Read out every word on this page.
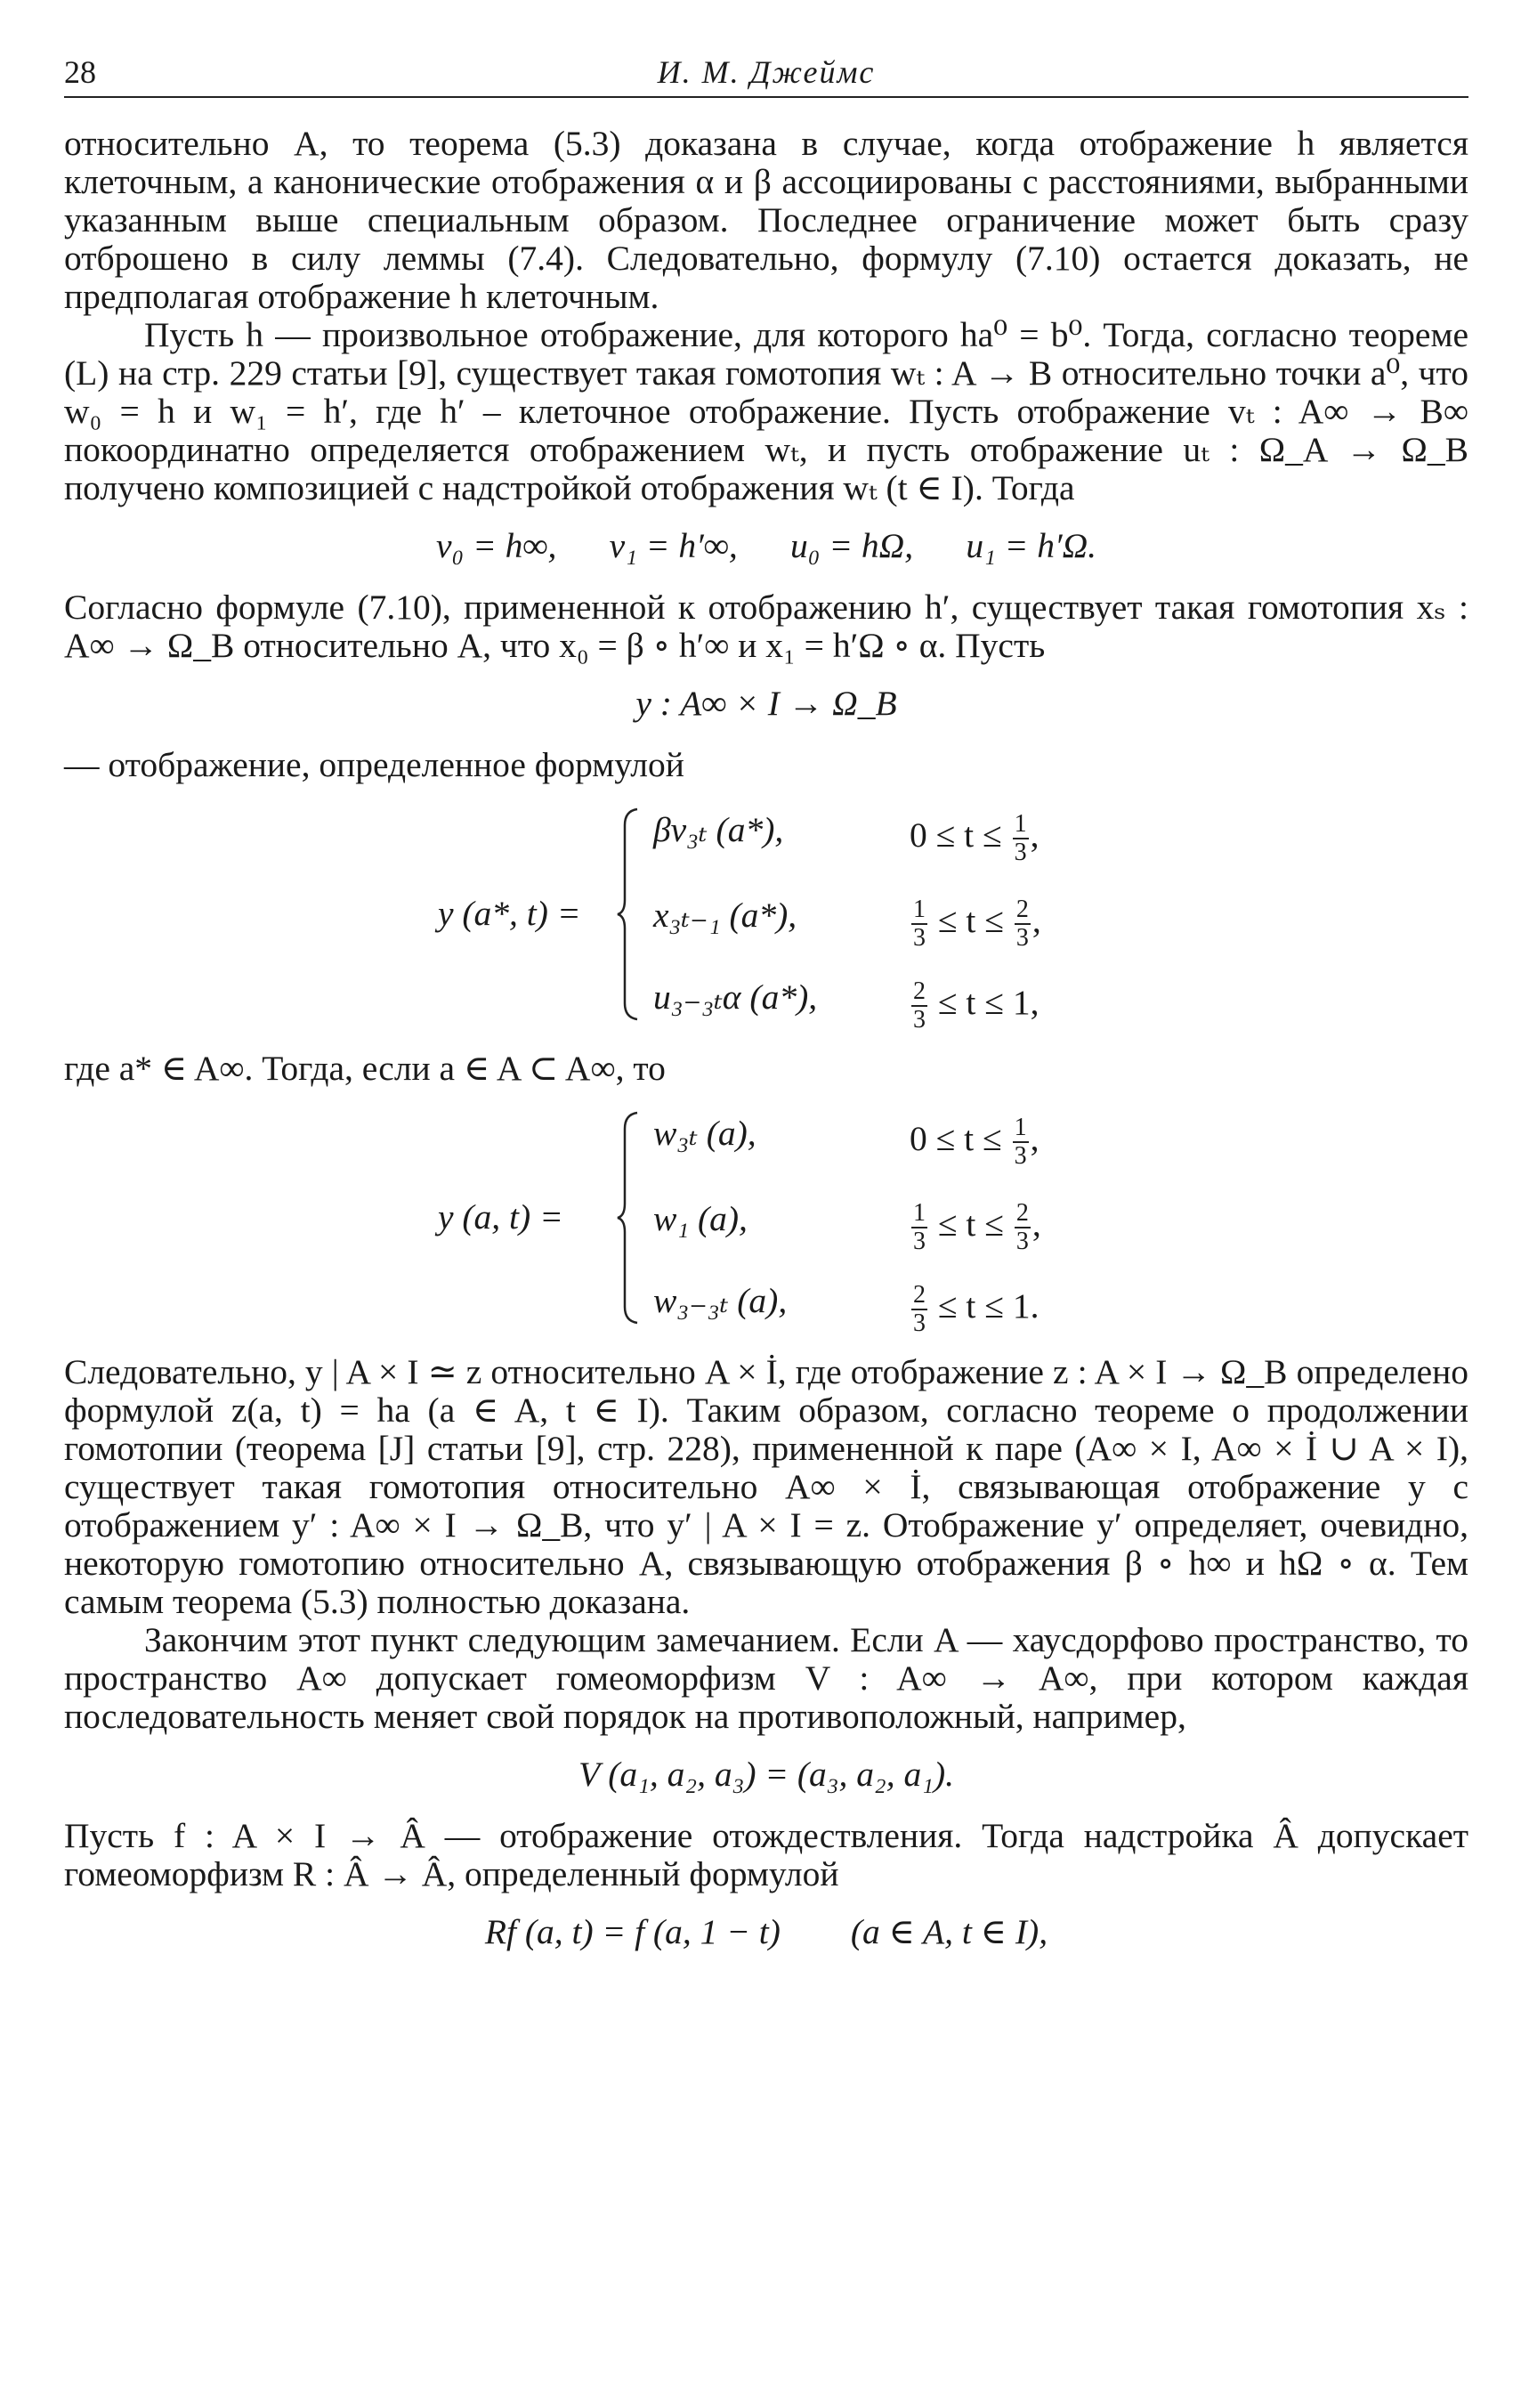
28	И. М. Джеймс

относительно A, то теорема (5.3) доказана в случае, когда отображение h является клеточным, а канонические отображения α и β ассоциированы с расстояниями, выбранными указанным выше специальным образом. Последнее ограничение может быть сразу отброшено в силу леммы (7.4). Следовательно, формулу (7.10) остается доказать, не предполагая отображение h клеточным.

Пусть h — произвольное отображение, для которого ha⁰ = b⁰. Тогда, согласно теореме (L) на стр. 229 статьи [9], существует такая гомотопия wₜ : A → B относительно точки a⁰, что w₀ = h и w₁ = h′, где h′ – клеточное отображение. Пусть отображение vₜ : A∞ → B∞ покоординатно определяется отображением wₜ, и пусть отображение uₜ : Ω_A → Ω_B получено композицией с надстройкой отображения wₜ (t ∈ I). Тогда

v₀ = h∞,      v₁ = h′∞,      u₀ = hΩ,      u₁ = h′Ω.

Согласно формуле (7.10), примененной к отображению h′, существует такая гомотопия xₛ : A∞ → Ω_B относительно A, что x₀ = β ∘ h′∞ и x₁ = h′Ω ∘ α. Пусть

y : A∞ × I → Ω_B

— отображение, определенное формулой

y (a*, t) =
βv₃ₜ (a*),
x₃ₜ₋₁ (a*),
u₃₋₃ₜα (a*),
$0 \le t \le \frac{1}{3}$ ,
$\frac{1}{3} \le t \le \frac{2}{3}$ ,
$\frac{2}{3} \le t \le 1$,

где a* ∈ A∞. Тогда, если a ∈ A ⊂ A∞, то

y (a, t) =
w₃ₜ (a),
w₁ (a),
w₃₋₃ₜ (a),
$0 \le t \le \frac{1}{3}$ ,
$\frac{1}{3} \le t \le \frac{2}{3}$ ,
$\frac{2}{3} \le t \le 1$.

Следовательно, y | A × I ≃ z относительно A × İ, где отображение z : A × I → Ω_B определено формулой z(a, t) = ha (a ∈ A, t ∈ I). Таким образом, согласно теореме о продолжении гомотопии (теорема [J] статьи [9], стр. 228), примененной к паре (A∞ × I, A∞ × İ ∪ A × I), существует такая гомотопия относительно A∞ × İ, связывающая отображение y с отображением y′ : A∞ × I → Ω_B, что y′ | A × I = z. Отображение y′ определяет, очевидно, некоторую гомотопию относительно A, связывающую отображения β ∘ h∞ и hΩ ∘ α. Тем самым теорема (5.3) полностью доказана.

Закончим этот пункт следующим замечанием. Если A — хаусдорфово пространство, то пространство A∞ допускает гомеоморфизм V : A∞ → A∞, при котором каждая последовательность меняет свой порядок на противоположный, например,

V (a₁, a₂, a₃) = (a₃, a₂, a₁).

Пусть f : A × I → Â — отображение отождествления. Тогда надстройка Â допускает гомеоморфизм R : Â → Â, определенный формулой

Rf (a, t) = f (a, 1 − t)        (a ∈ A, t ∈ I),
